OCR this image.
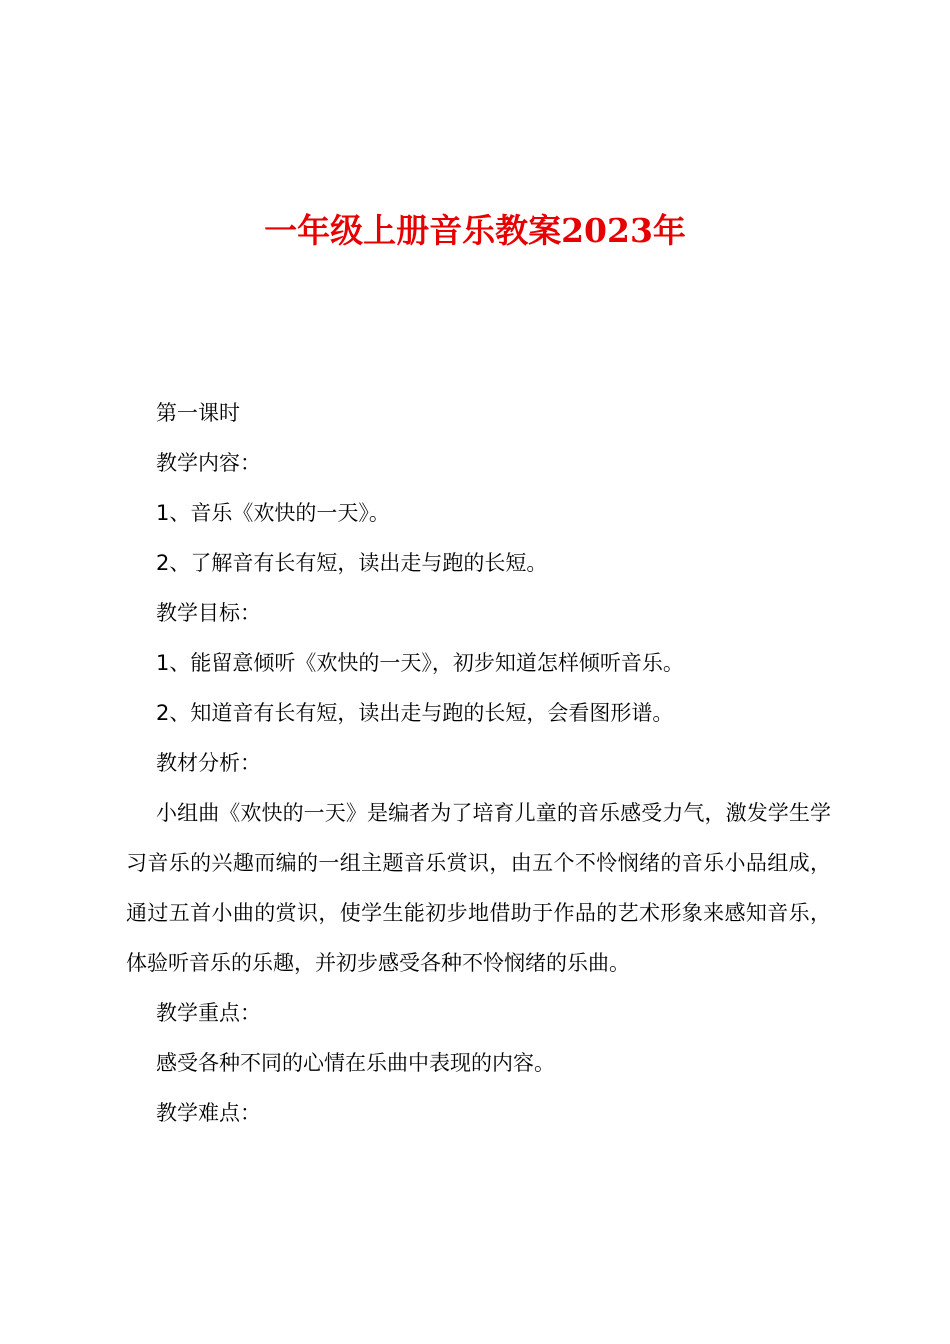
一年级上册音乐教案2023年

第一课时

教学内容：

1、音乐《欢快的一天》。

2、了解音有长有短，读出走与跑的长短。

教学目标：

1、能留意倾听《欢快的一天》，初步知道怎样倾听音乐。

2、知道音有长有短，读出走与跑的长短，会看图形谱。

教材分析：

小组曲《欢快的一天》是编者为了培育儿童的音乐感受力气，激发学生学习音乐的兴趣而编的一组主题音乐赏识，由五个不怜悯绪的音乐小品组成，通过五首小曲的赏识，使学生能初步地借助于作品的艺术形象来感知音乐，体验听音乐的乐趣，并初步感受各种不怜悯绪的乐曲。

教学重点：

感受各种不同的心情在乐曲中表现的内容。

教学难点：
